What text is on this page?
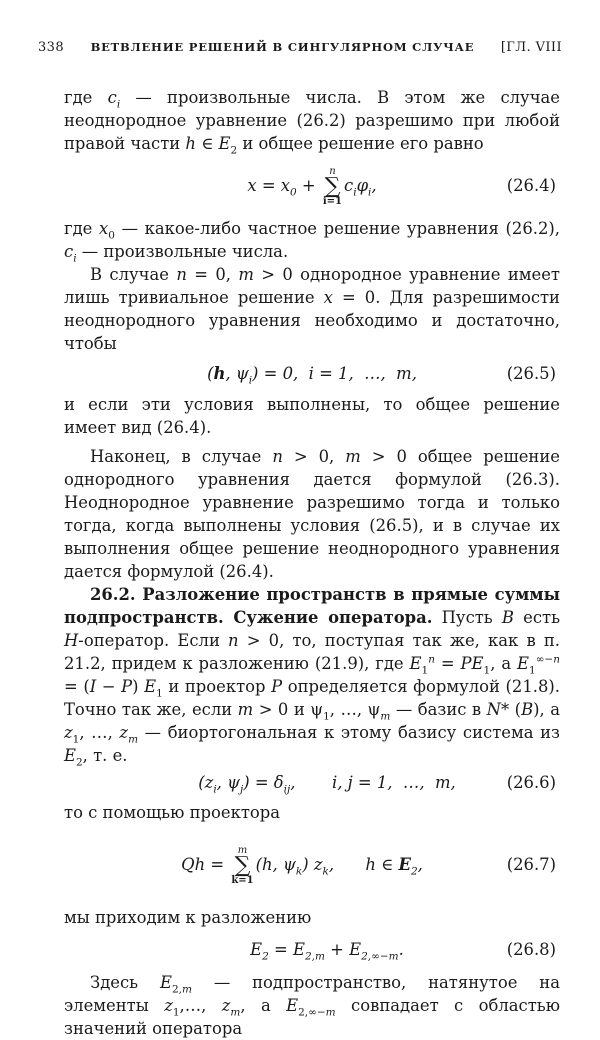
338 ВЕТВЛЕНИЕ РЕШЕНИЙ В СИНГУЛЯРНОМ СЛУЧАЕ [ГЛ. VIII

где $c_i$ — произвольные числа. В этом же случае неоднородное уравнение (26.2) разрешимо при любой правой части h ∈ $E_2$ и общее решение его равно

$x = x_0$ +
n
∑
i=1
$c_i\varphi_i$,	(26.4)

где $x_0$ — какое-либо частное решение уравнения (26.2), $c_i$ — произвольные числа.

В случае n = 0, m > 0 однородное уравнение имеет лишь тривиальное решение x = 0. Для разрешимости неоднородного уравнения необходимо и достаточно, чтобы

(h, $\psi_i) = 0$,  i = 1,  …,  m,	(26.5)

и если эти условия выполнены, то общее решение имеет вид (26.4).

Наконец, в случае n > 0, m > 0 общее решение однородного уравнения дается формулой (26.3). Неоднородное уравнение разрешимо тогда и только тогда, когда выполнены условия (26.5), и в случае их выполнения общее решение неоднородного уравнения дается формулой (26.4).

26.2. Разложение пространств в прямые суммы подпространств. Сужение оператора. Пусть B есть H-оператор. Если n > 0, то, поступая так же, как в п. 21.2, придем к разложению (21.9), где $E_1^n = PE_1$, а $E_1^{\infty-n} = (I - P)$ $E_1$ и проектор P определяется формулой (21.8). Точно так же, если m > 0 и $\psi_1$, …, $\psi_m$ — базис в N* (B), а $z_1$, …, $z_m$ — биортогональная к этому базису система из $E_2$, т. е.

($z_i$, $\psi_j) = \delta_{ij}$,       i, j = 1,  …,  m,	(26.6)

то с помощью проектора

Qh =
m
∑
k=1
(h, $\psi_k$) $z_k$,      h ∈ $E_2$,	(26.7)

мы приходим к разложению

$E_2 = E_{2,m} + E_{2,\infty-m}$.	(26.8)

Здесь $E_{2,m}$ — подпространство, натянутое на элементы $z_1,\dots$, $z_m$, а $E_{2,\infty-m}$ совпадает с областью значений оператора
